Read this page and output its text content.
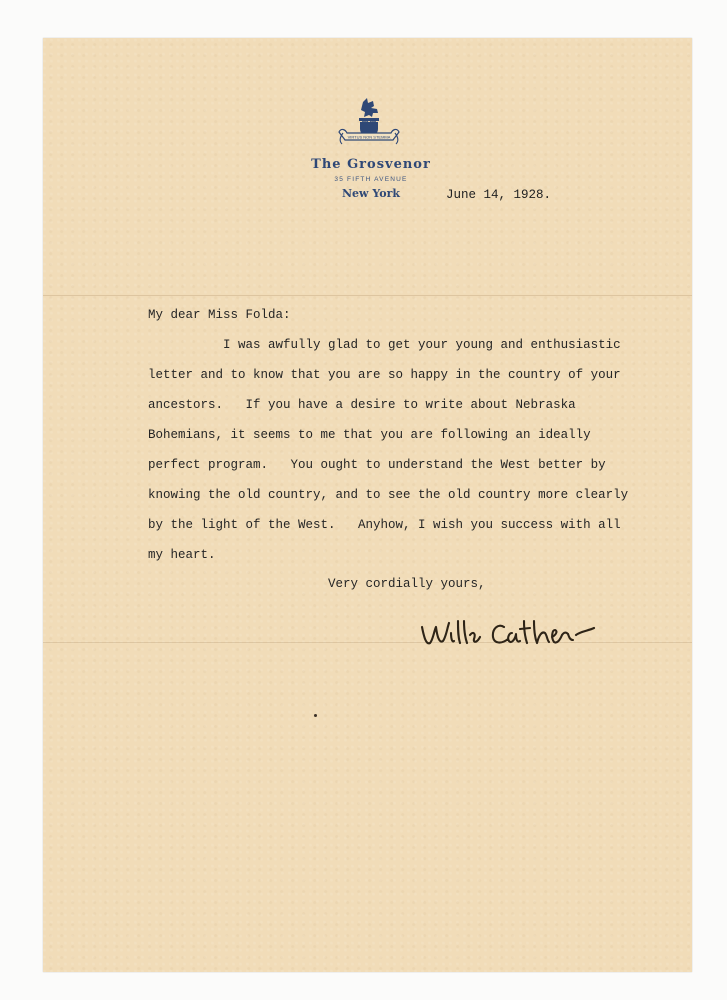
VIRTUS NON STEMMA
The Grosvenor
35 FIFTH AVENUE
New York	June 14, 1928.
My dear Miss Folda:
I was awfully glad to get your young and enthusiastic
letter and to know that you are so happy in the country of your
ancestors.   If you have a desire to write about Nebraska
Bohemians, it seems to me that you are following an ideally
perfect program.   You ought to understand the West better by
knowing the old country, and to see the old country more clearly
by the light of the West.   Anyhow, I wish you success with all
my heart.
Very cordially yours,
